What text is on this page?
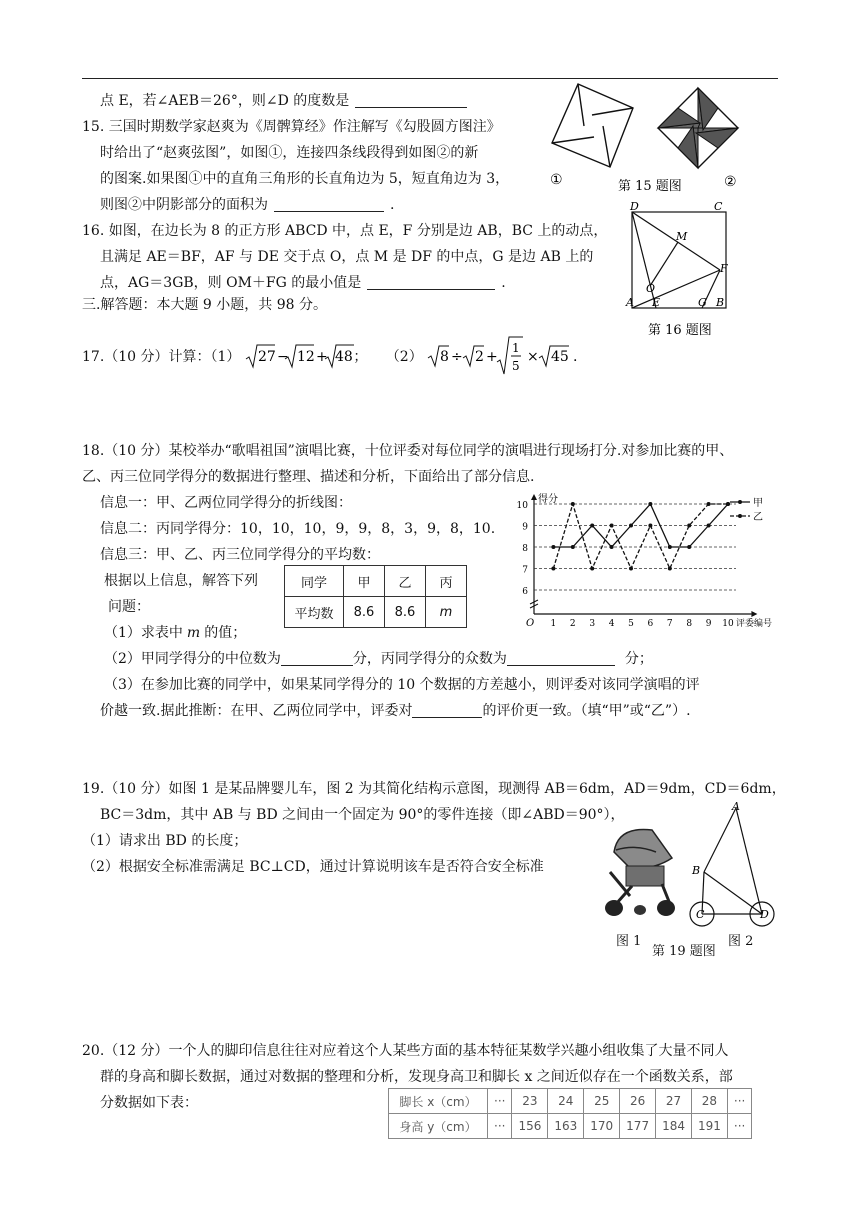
点 E，若∠AEB＝26°，则∠D 的度数是
15. 三国时期数学家赵爽为《周髀算经》作注解写《勾股圆方图注》
时给出了“赵爽弦图”，如图①，连接四条线段得到如图②的新
的图案.如果图①中的直角三角形的长直角边为 5，短直角边为 3，
则图②中阴影部分的面积为	.
①	第 15 题图	②
16. 如图，在边长为 8 的正方形 ABCD 中，点 E，F 分别是边 AB，BC 上的动点，
且满足 AE＝BF，AF 与 DE 交于点 O，点 M 是 DF 的中点，G 是边 AB 上的
点，AG＝3GB，则 OM＋FG 的最小值是	.
D	C
M
F
O
A E	G B
第 16 题图
三.解答题：本大题 9 小题，共 98 分。
17.（10 分）计算：（1） 27 − 12 + 48 ； （2） 8 ÷ 2 +
1
5
× 45 .
18.（10 分）某校举办“歌唱祖国”演唱比赛，十位评委对每位同学的演唱进行现场打分.对参加比赛的甲、
乙、丙三位同学得分的数据进行整理、描述和分析，下面给出了部分信息.
信息一：甲、乙两位同学得分的折线图：
信息二：丙同学得分：10，10，10，9，9，8，3，9，8，10.
信息三：甲、乙、丙三位同学得分的平均数：
根据以上信息，解答下列
问题：
同学	甲	乙	丙
平均数	8.6	8.6	m
6
7
8
9
10
1 2 3 4 5 6 7 8 9 10
O
得分
评委编号
甲
乙
（1）求表中 m 的值；
（2）甲同学得分的中位数为	分，丙同学得分的众数为	分；
（3）在参加比赛的同学中，如果某同学得分的 10 个数据的方差越小，则评委对该同学演唱的评
价越一致.据此推断：在甲、乙两位同学中，评委对	的评价更一致。（填“甲”或“乙”）.
19.（10 分）如图 1 是某品牌婴儿车，图 2 为其简化结构示意图，现测得 AB＝6dm，AD＝9dm，CD＝6dm，
BC＝3dm，其中 AB 与 BD 之间由一个固定为 90°的零件连接（即∠ABD＝90°），
（1）请求出 BD 的长度；
（2）根据安全标准需满足 BC⊥CD，通过计算说明该车是否符合安全标准
A
B
C	D
图 1
第 19 题图
图 2
20.（12 分）一个人的脚印信息往往对应着这个人某些方面的基本特征某数学兴趣小组收集了大量不同人
群的身高和脚长数据，通过对数据的整理和分析，发现身高卫和脚长 x 之间近似存在一个函数关系，部
分数据如下表：	脚长 x（cm）	···	23	24	25	26	27	28	···
身高 y（cm）	···	156	163	170	177	184	191	···
